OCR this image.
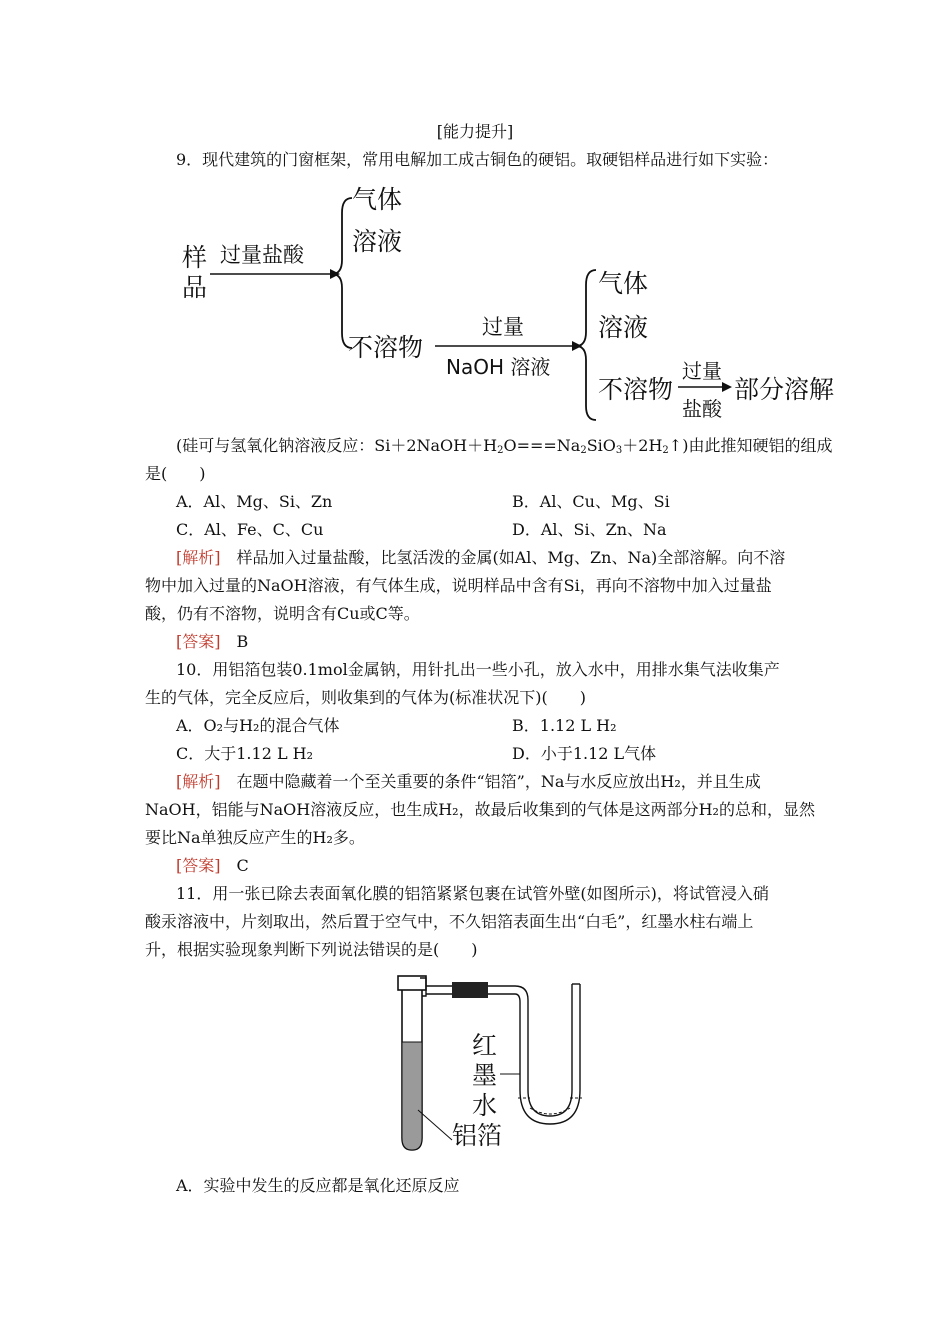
[能力提升]
9．现代建筑的门窗框架，常用电解加工成古铜色的硬铝。取硬铝样品进行如下实验：
样
品
过量盐酸
气体
溶液
不溶物
过量
NaOH 溶液
气体
溶液
不溶物
过量
盐酸
部分溶解
(硅可与氢氧化钠溶液反应：$Si+2NaOH+H_2O===Na_2SiO_3+2H_2↑$)由此推知硬铝的组成
是(　　)
A．Al、Mg、Si、Zn	B．Al、Cu、Mg、Si
C．Al、Fe、C、Cu	D．Al、Si、Zn、Na
[解析]　样品加入过量盐酸，比氢活泼的金属(如Al、Mg、Zn、Na)全部溶解。向不溶
物中加入过量的NaOH溶液，有气体生成，说明样品中含有Si，再向不溶物中加入过量盐
酸，仍有不溶物，说明含有Cu或C等。
[答案]　B
10．用铝箔包装0.1mol金属钠，用针扎出一些小孔，放入水中，用排水集气法收集产
生的气体，完全反应后，则收集到的气体为(标准状况下)(　　)
A．O₂与H₂的混合气体	B．1.12 L H₂
C．大于1.12 L H₂	D．小于1.12 L气体
[解析]　在题中隐藏着一个至关重要的条件“铝箔”，Na与水反应放出H₂，并且生成
NaOH，铝能与NaOH溶液反应，也生成H₂，故最后收集到的气体是这两部分H₂的总和，显然
要比Na单独反应产生的H₂多。
[答案]　C
11．用一张已除去表面氧化膜的铝箔紧紧包裹在试管外壁(如图所示)，将试管浸入硝
酸汞溶液中，片刻取出，然后置于空气中，不久铝箔表面生出“白毛”，红墨水柱右端上
升，根据实验现象判断下列说法错误的是(　　)
红
墨
水
铝箔
A．实验中发生的反应都是氧化还原反应
